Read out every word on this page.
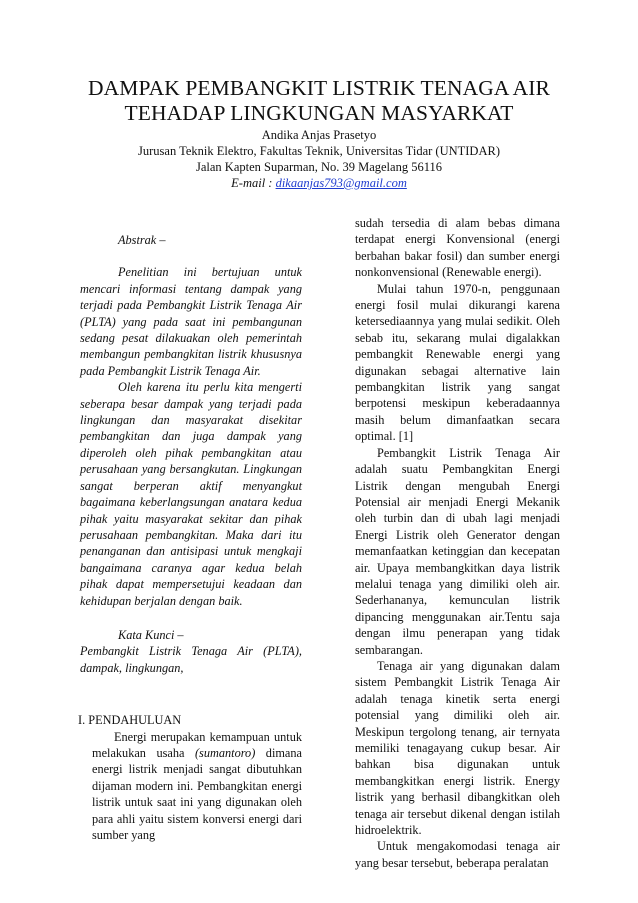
DAMPAK PEMBANGKIT LISTRIK TENAGA AIR
TEHADAP LINGKUNGAN MASYARKAT
Andika Anjas Prasetyo
Jurusan Teknik Elektro, Fakultas Teknik, Universitas Tidar (UNTIDAR)
Jalan Kapten Suparman, No. 39 Magelang 56116
E-mail : dikaanjas793@gmail.com

Abstrak –

Penelitian ini bertujuan untuk mencari informasi tentang dampak yang terjadi pada Pembangkit Listrik Tenaga Air (PLTA) yang pada saat ini pembangunan sedang pesat dilakuakan oleh pemerintah membangun pembangkitan listrik khususnya pada Pembangkit Listrik Tenaga Air.

Oleh karena itu perlu kita mengerti seberapa besar dampak yang terjadi pada lingkungan dan masyarakat disekitar pembangkitan dan juga dampak yang diperoleh oleh pihak pembangkitan atau perusahaan yang bersangkutan. Lingkungan sangat berperan aktif menyangkut bagaimana keberlangsungan anatara kedua pihak yaitu masyarakat sekitar dan pihak perusahaan pembangkitan. Maka dari itu penanganan dan antisipasi untuk mengkaji bangaimana caranya agar kedua belah pihak dapat mempersetujui keadaan dan kehidupan berjalan dengan baik.

Kata Kunci –

Pembangkit Listrik Tenaga Air (PLTA), dampak, lingkungan,

I. PENDAHULUAN

Energi merupakan kemampuan untuk melakukan usaha (sumantoro) dimana energi listrik menjadi sangat dibutuhkan dijaman modern ini. Pembangkitan energi listrik untuk saat ini yang digunakan oleh para ahli yaitu sistem konversi energi dari sumber yang

sudah tersedia di alam bebas dimana terdapat energi Konvensional (energi berbahan bakar fosil) dan sumber energi nonkonvensional (Renewable energi).

Mulai tahun 1970-n, penggunaan energi fosil mulai dikurangi karena ketersediaannya yang mulai sedikit. Oleh sebab itu, sekarang mulai digalakkan pembangkit Renewable energi yang digunakan sebagai alternative lain pembangkitan listrik yang sangat berpotensi meskipun keberadaannya masih belum dimanfaatkan secara optimal. [1]

Pembangkit Listrik Tenaga Air adalah suatu Pembangkitan Energi Listrik dengan mengubah Energi Potensial air menjadi Energi Mekanik oleh turbin dan di ubah lagi menjadi Energi Listrik oleh Generator dengan memanfaatkan ketinggian dan kecepatan air. Upaya membangkitkan daya listrik melalui tenaga yang dimiliki oleh air. Sederhananya, kemunculan listrik dipancing menggunakan air.Tentu saja dengan ilmu penerapan yang tidak sembarangan.

Tenaga air yang digunakan dalam sistem Pembangkit Listrik Tenaga Air adalah tenaga kinetik serta energi potensial yang dimiliki oleh air. Meskipun tergolong tenang, air ternyata memiliki tenagayang cukup besar. Air bahkan bisa digunakan untuk membangkitkan energi listrik. Energy listrik yang berhasil dibangkitkan oleh tenaga air tersebut dikenal dengan istilah hidroelektrik.

Untuk mengakomodasi tenaga air yang besar tersebut, beberapa peralatan
